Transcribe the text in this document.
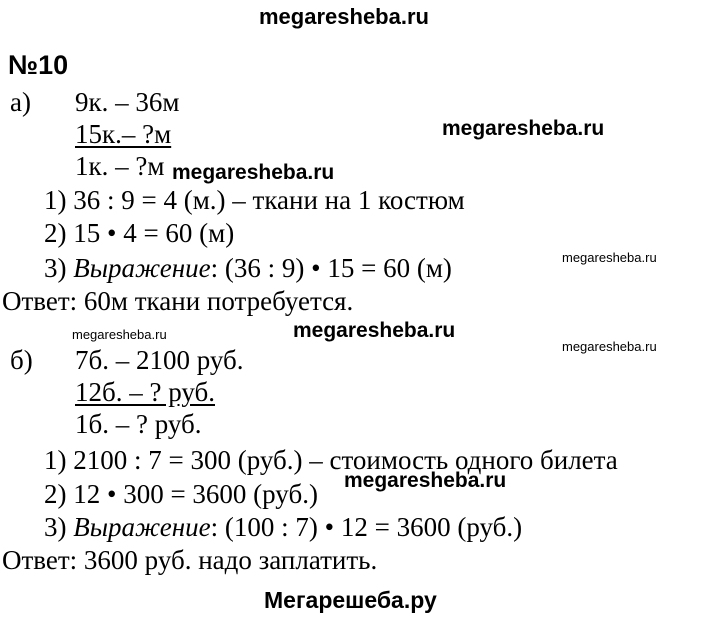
megaresheba.ru
№10
а) 9к. – 36м
15к.– ?м
1к. – ?м
1) 36 : 9 = 4 (м.) – ткани на 1 костюм
2) 15 • 4 = 60 (м)
3) Выражение: (36 : 9) • 15 = 60 (м)
Ответ: 60м ткани потребуется.
б) 7б. – 2100 руб.
12б. – ? руб.
1б. – ? руб.
1) 2100 : 7 = 300 (руб.) – стоимость одного билета
2) 12 • 300 = 3600 (руб.)
3) Выражение: (100 : 7) • 12 = 3600 (руб.)
Ответ: 3600 руб. надо заплатить.
megaresheba.ru
megaresheba.ru
megaresheba.ru
megaresheba.ru
megaresheba.ru
megaresheba.ru
megaresheba.ru
Мегарешеба.ру
